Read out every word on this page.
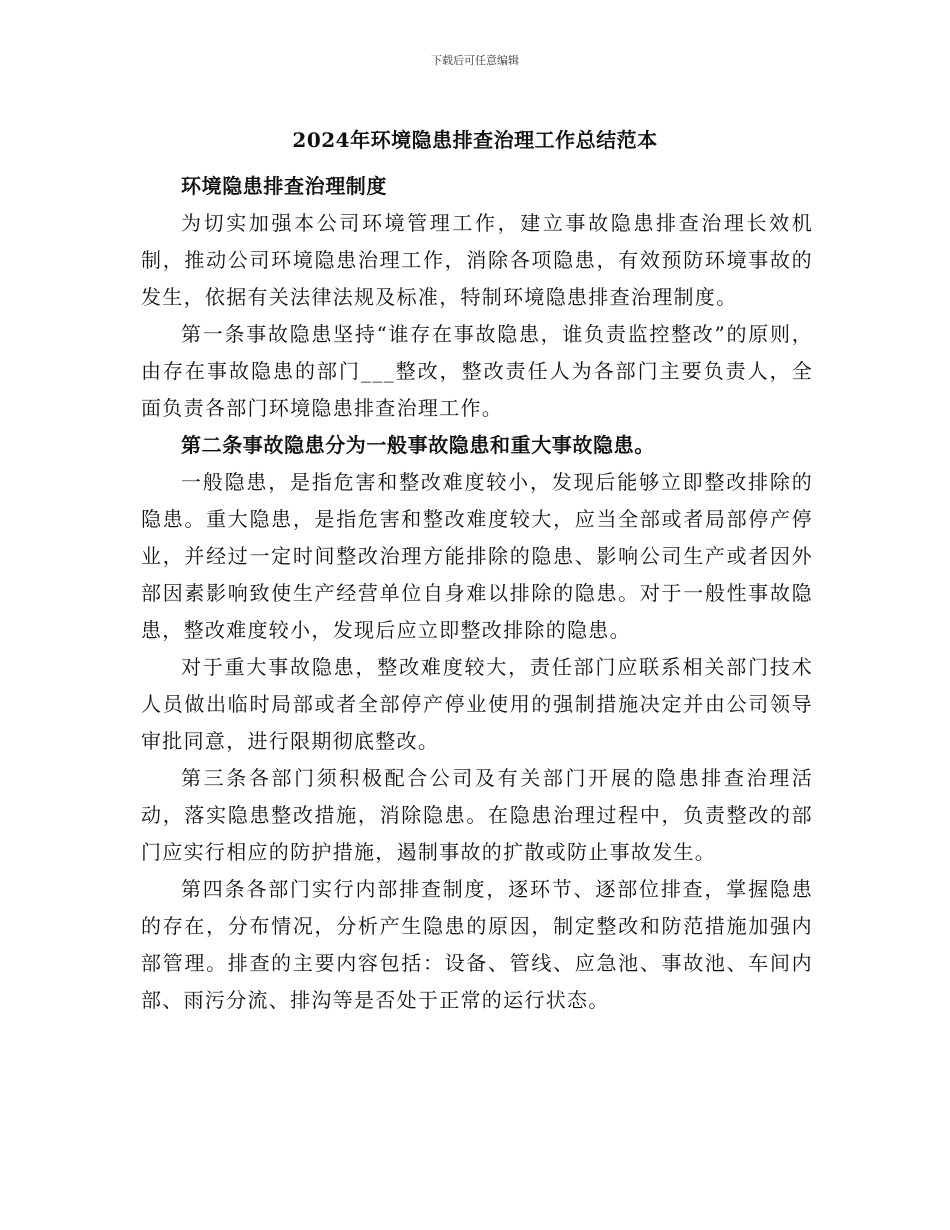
下载后可任意编辑
2024年环境隐患排查治理工作总结范本

环境隐患排查治理制度

为切实加强本公司环境管理工作，建立事故隐患排查治理长效机制，推动公司环境隐患治理工作，消除各项隐患，有效预防环境事故的发生，依据有关法律法规及标准，特制环境隐患排查治理制度。

第一条事故隐患坚持“谁存在事故隐患，谁负责监控整改”的原则，由存在事故隐患的部门___整改，整改责任人为各部门主要负责人，全面负责各部门环境隐患排查治理工作。

第二条事故隐患分为一般事故隐患和重大事故隐患。

一般隐患，是指危害和整改难度较小，发现后能够立即整改排除的隐患。重大隐患，是指危害和整改难度较大，应当全部或者局部停产停业，并经过一定时间整改治理方能排除的隐患、影响公司生产或者因外部因素影响致使生产经营单位自身难以排除的隐患。对于一般性事故隐患，整改难度较小，发现后应立即整改排除的隐患。

对于重大事故隐患，整改难度较大，责任部门应联系相关部门技术人员做出临时局部或者全部停产停业使用的强制措施决定并由公司领导审批同意，进行限期彻底整改。

第三条各部门须积极配合公司及有关部门开展的隐患排查治理活动，落实隐患整改措施，消除隐患。在隐患治理过程中，负责整改的部门应实行相应的防护措施，遏制事故的扩散或防止事故发生。

第四条各部门实行内部排查制度，逐环节、逐部位排查，掌握隐患的存在，分布情况，分析产生隐患的原因，制定整改和防范措施加强内部管理。排查的主要内容包括：设备、管线、应急池、事故池、车间内部、雨污分流、排沟等是否处于正常的运行状态。
